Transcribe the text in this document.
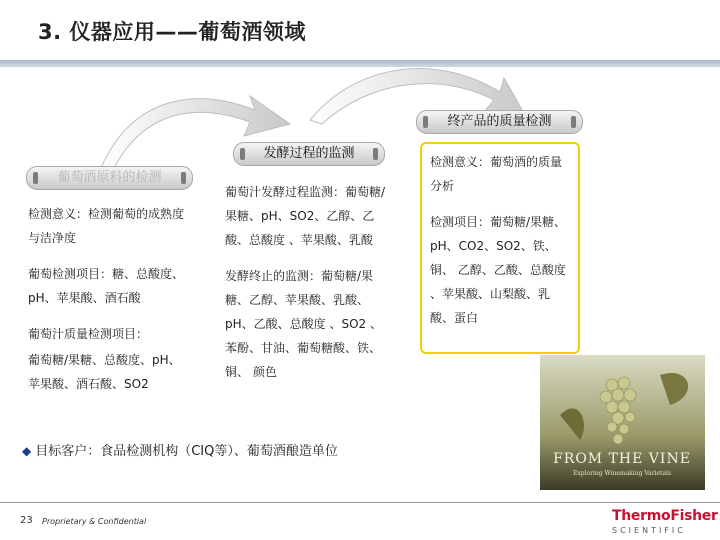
3. 仪器应用——葡萄酒领域
葡萄酒原料的检测
发酵过程的监测
终产品的质量检测

检测意义：检测葡萄的成熟度与洁净度

葡萄检测项目：糖、总酸度、pH、苹果酸、酒石酸

葡萄汁质量检测项目：

葡萄糖/果糖、总酸度、pH、苹果酸、酒石酸、SO2

葡萄汁发酵过程监测：葡萄糖/果糖、pH、SO2、乙醇、乙酸、总酸度 、苹果酸、乳酸

发酵终止的监测：葡萄糖/果糖、乙醇、苹果酸、乳酸、 pH、乙酸、总酸度 、SO2 、苯酚、甘油、葡萄糖酸、铁、铜、 颜色

检测意义：葡萄酒的质量分析

检测项目：葡萄糖/果糖、pH、CO2、SO2、铁、铜、 乙醇、乙酸、总酸度 、苹果酸、山梨酸、乳酸、蛋白

◆ 目标客户：食品检测机构（CIQ等）、葡萄酒酿造单位	FROM THE VINE
Exploring Winemaking Varietals
23 Proprietary & Confidential	ThermoFisher
SCIENTIFIC
